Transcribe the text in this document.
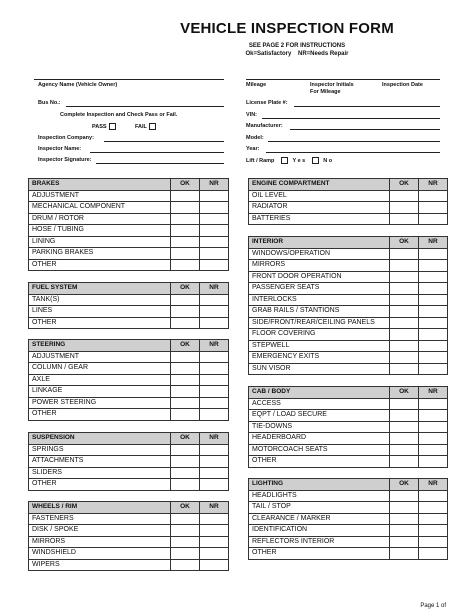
VEHICLE INSPECTION FORM
SEE PAGE 2 FOR INSTRUCTIONS
Ok=Satisfactory    NR=Needs Repair
Agency Name (Vehicle Owner)	Mileage	Inspector Initials
For Mileage
Inspection Date
Bus No.:
Complete Inspection and Check Pass or Fail.
PASS	FAIL
Inspection Company:
Inspector Name:
Inspector Signature:
License Plate #:
VIN:
Manufacturer:
Model:
Year:
Lift / Ramp	Y e s	N o
BRAKES	OK	NR
ADJUSTMENT		
MECHANICAL COMPONENT		
DRUM / ROTOR		
HOSE / TUBING		
LINING		
PARKING BRAKES		
OTHER		
FUEL SYSTEM	OK	NR
TANK(S)		
LINES		
OTHER		
STEERING	OK	NR
ADJUSTMENT		
COLUMN / GEAR		
AXLE		
LINKAGE		
POWER STEERING		
OTHER		
SUSPENSION	OK	NR
SPRINGS		
ATTACHMENTS		
SLIDERS		
OTHER		
WHEELS / RIM	OK	NR
FASTENERS		
DISK / SPOKE		
MIRRORS		
WINDSHIELD		
WIPERS		
ENGINE COMPARTMENT	OK	NR
OIL LEVEL		
RADIATOR		
BATTERIES		
INTERIOR	OK	NR
WINDOWS/OPERATION		
MIRRORS		
FRONT DOOR OPERATION		
PASSENGER SEATS		
INTERLOCKS		
GRAB RAILS / STANTIONS		
SIDE/FRONT/REAR/CEILING PANELS		
FLOOR COVERING		
STEPWELL		
EMERGENCY EXITS		
SUN VISOR		
CAB / BODY	OK	NR
ACCESS		
EQPT / LOAD SECURE		
TIE-DOWNS		
HEADERBOARD		
MOTORCOACH SEATS		
OTHER		
LIGHTING	OK	NR
HEADLIGHTS		
TAIL / STOP		
CLEARANCE / MARKER		
IDENTIFICATION		
REFLECTORS INTERIOR		
OTHER		
Page 1 of
